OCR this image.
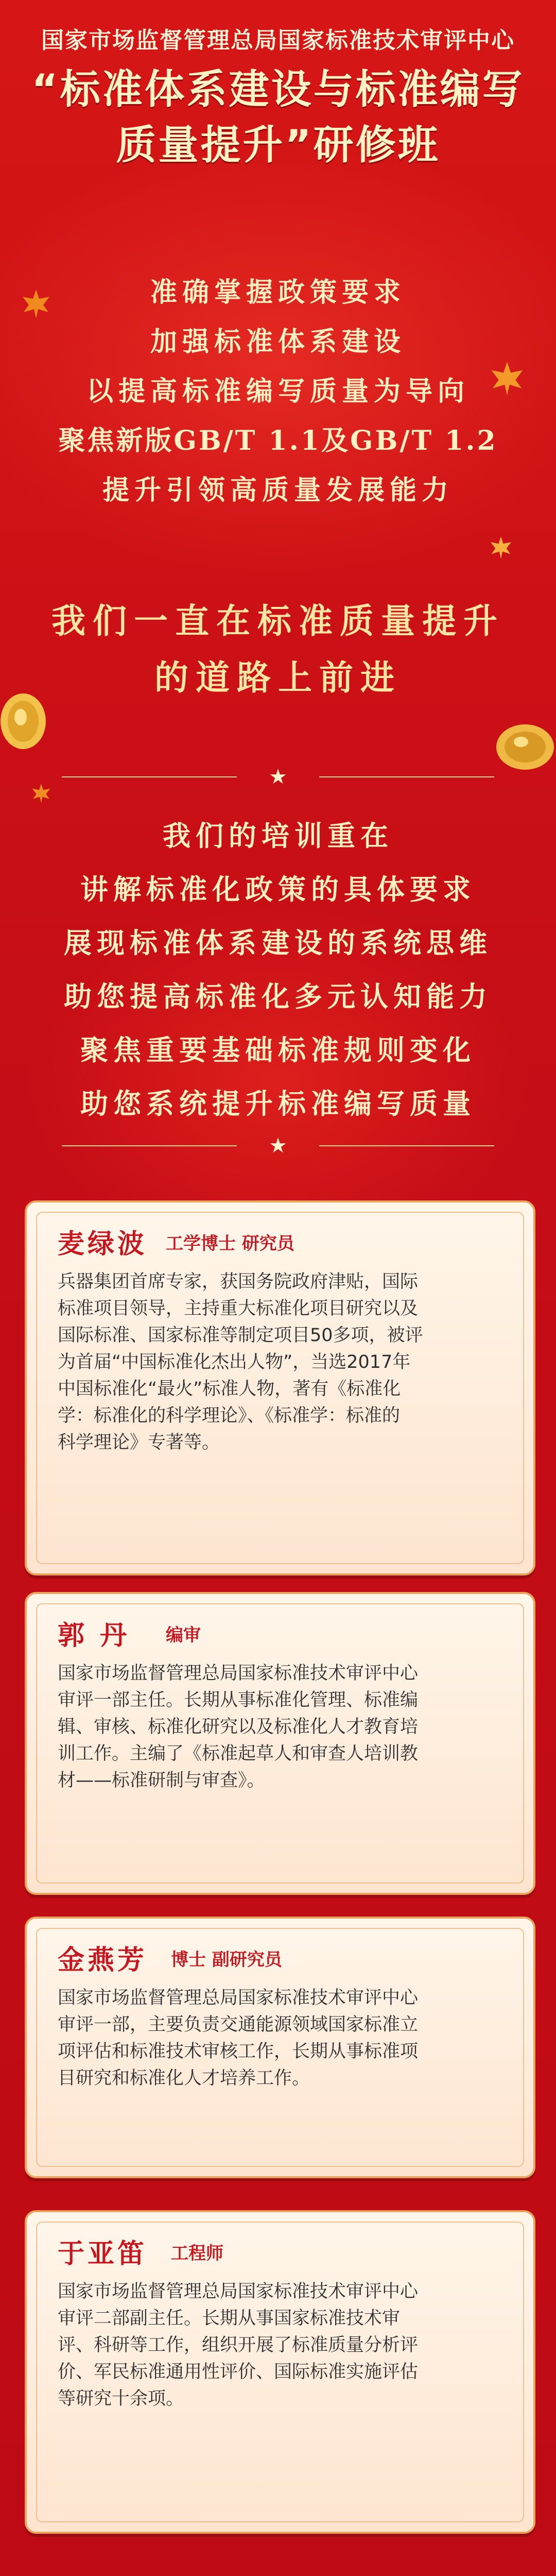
国家市场监督管理总局国家标准技术审评中心
“标准体系建设与标准编写
质量提升”研修班
准确掌握政策要求
加强标准体系建设
以提高标准编写质量为导向
聚焦新版GB/T 1.1及GB/T 1.2
提升引领高质量发展能力
我们一直在标准质量提升
的道路上前进
★
我们的培训重在
讲解标准化政策的具体要求
展现标准体系建设的系统思维
助您提高标准化多元认知能力
聚焦重要基础标准规则变化
助您系统提升标准编写质量
★
麦绿波 工学博士 研究员
兵器集团首席专家，获国务院政府津贴，国际
标准项目领导，主持重大标准化项目研究以及
国际标准、国家标准等制定项目50多项，被评
为首届“中国标准化杰出人物”，当选2017年
中国标准化“最火”标准人物，著有《标准化
学：标准化的科学理论》、《标准学：标准的
科学理论》专著等。
郭 丹 编审
国家市场监督管理总局国家标准技术审评中心
审评一部主任。长期从事标准化管理、标准编
辑、审核、标准化研究以及标准化人才教育培
训工作。主编了《标准起草人和审查人培训教
材——标准研制与审查》。
金燕芳 博士 副研究员
国家市场监督管理总局国家标准技术审评中心
审评一部，主要负责交通能源领域国家标准立
项评估和标准技术审核工作，长期从事标准项
目研究和标准化人才培养工作。
于亚笛 工程师
国家市场监督管理总局国家标准技术审评中心
审评二部副主任。长期从事国家标准技术审
评、科研等工作，组织开展了标准质量分析评
价、军民标准通用性评价、国际标准实施评估
等研究十余项。
